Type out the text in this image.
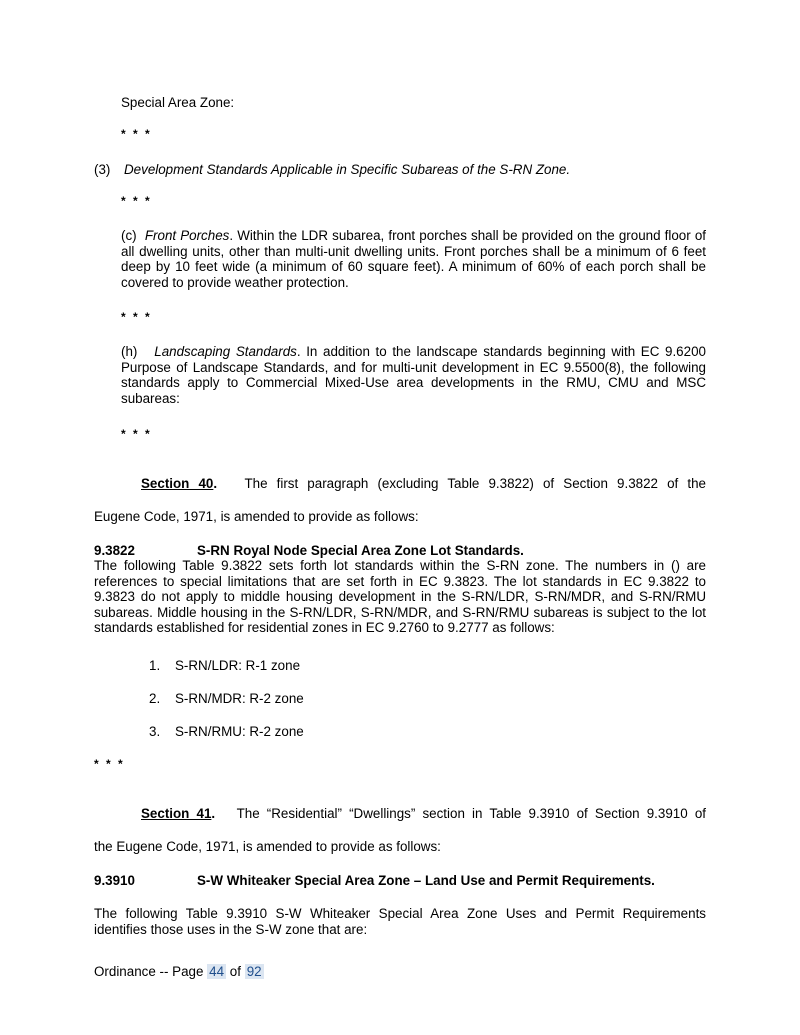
Special Area Zone:
* * *
(3) Development Standards Applicable in Specific Subareas of the S-RN Zone.
* * *

(c) Front Porches. Within the LDR subarea, front porches shall be provided on the ground floor of all dwelling units, other than multi-unit dwelling units. Front porches shall be a minimum of 6 feet deep by 10 feet wide (a minimum of 60 square feet). A minimum of 60% of each porch shall be covered to provide weather protection.

* * *

(h) Landscaping Standards. In addition to the landscape standards beginning with EC 9.6200 Purpose of Landscape Standards, and for multi-unit development in EC 9.5500(8), the following standards apply to Commercial Mixed-Use area developments in the RMU, CMU and MSC subareas:

* * *

Section 40. The first paragraph (excluding Table 9.3822) of Section 9.3822 of the

Eugene Code, 1971, is amended to provide as follows:
9.3822	S-RN Royal Node Special Area Zone Lot Standards.

The following Table 9.3822 sets forth lot standards within the S-RN zone. The numbers in () are references to special limitations that are set forth in EC 9.3823. The lot standards in EC 9.3822 to 9.3823 do not apply to middle housing development in the S-RN/LDR, S-RN/MDR, and S-RN/RMU subareas. Middle housing in the S-RN/LDR, S-RN/MDR, and S-RN/RMU subareas is subject to the lot standards established for residential zones in EC 9.2760 to 9.2777 as follows:

1. S-RN/LDR: R-1 zone
2. S-RN/MDR: R-2 zone
3. S-RN/RMU: R-2 zone
* * *

Section 41. The “Residential” “Dwellings” section in Table 9.3910 of Section 9.3910 of

the Eugene Code, 1971, is amended to provide as follows:
9.3910	S-W Whiteaker Special Area Zone – Land Use and Permit Requirements.

The following Table 9.3910 S-W Whiteaker Special Area Zone Uses and Permit Requirements identifies those uses in the S-W zone that are:

Ordinance -- Page 44 of 92
